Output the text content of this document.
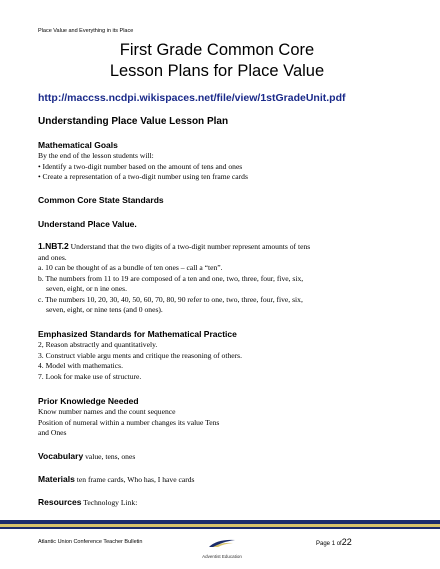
Place Value and Everything in its Place
First Grade Common Core
Lesson Plans for Place Value
http://maccss.ncdpi.wikispaces.net/file/view/1stGradeUnit.pdf
Understanding Place Value Lesson Plan
Mathematical Goals
By the end of the lesson students will:
• Identify a two-digit number based on the amount of tens and ones
• Create a representation of a two-digit number using ten frame cards
Common Core State Standards
Understand Place Value.
1.NBT.2 Understand that the two digits of a two-digit number represent amounts of tens
and ones.
a. 10 can be thought of as a bundle of ten ones – call a “ten”.
b. The numbers from 11 to 19 are composed of a ten and one, two, three, four, five, six,
seven, eight, or n ine ones.
c. The numbers 10, 20, 30, 40, 50, 60, 70, 80, 90 refer to one, two, three, four, five, six,
seven, eight, or nine tens (and 0 ones).
Emphasized Standards for Mathematical Practice
2, Reason abstractly and quantitatively.
3. Construct viable argu ments and critique the reasoning of others.
4. Model with mathematics.
7. Look for make use of structure.
Prior Knowledge Needed
Know number names and the count sequence
Position of numeral within a number changes its value Tens
and Ones
Vocabulary value, tens, ones
Materials ten frame cards, Who has, I have cards
Resources Technology Link:
Atlantic Union Conference Teacher Bulletin
Adventist Education
Page 1 of22
